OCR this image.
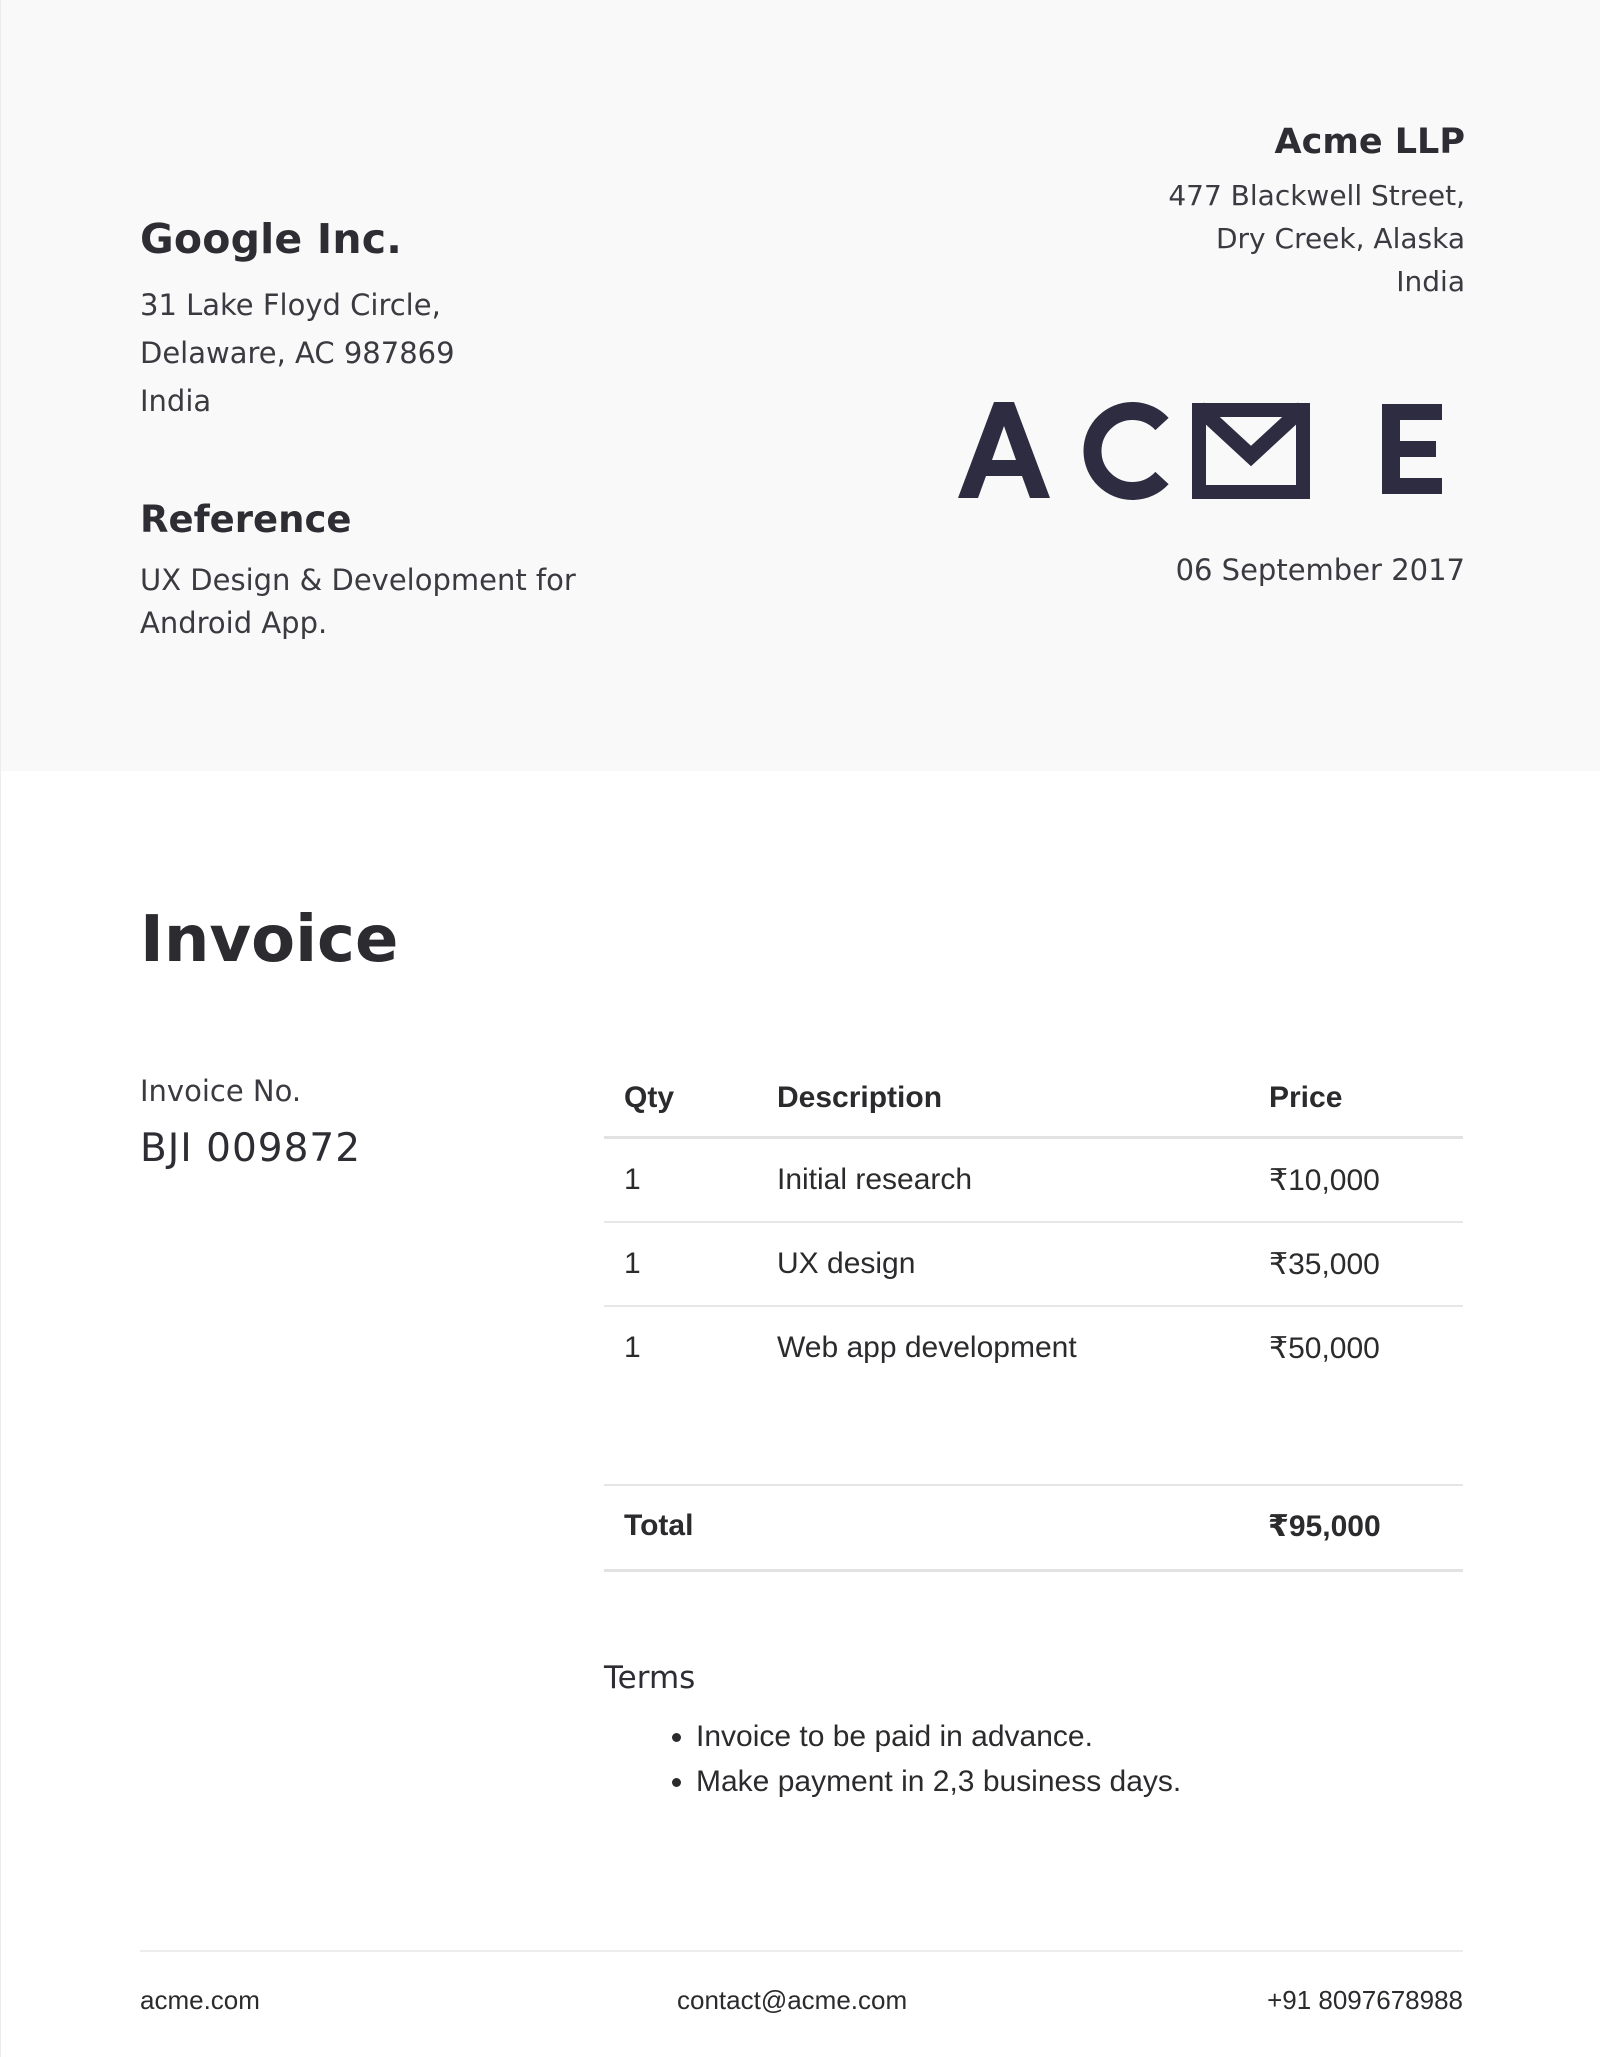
Google Inc.
31 Lake Floyd Circle,
Delaware, AC 987869
India
Reference
UX Design & Development for Android App.
Acme LLP
477 Blackwell Street,
Dry Creek, Alaska
India
06 September 2017
Invoice
Invoice No.
BJI 009872
Qty	Description	Price
1	Initial research	₹10,000
1	UX design	₹35,000
1	Web app development	₹50,000
Total	₹95,000
Terms
• Invoice to be paid in advance.
• Make payment in 2,3 business days.
acme.com	contact@acme.com	+91 8097678988
